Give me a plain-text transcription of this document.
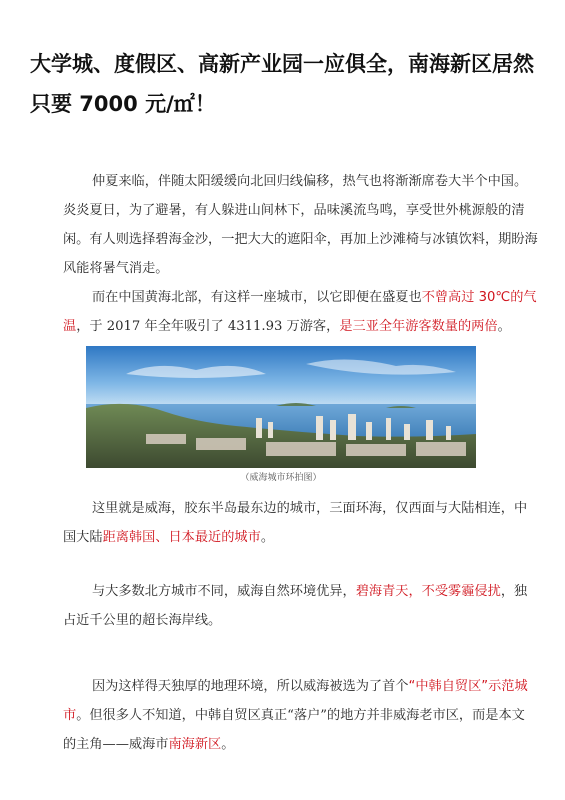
大学城、度假区、高新产业园一应俱全，南海新区居然只要 7000 元/㎡！

仲夏来临，伴随太阳缓缓向北回归线偏移，热气也将渐渐席卷大半个中国。炎炎夏日，为了避暑，有人躲进山间林下，品味溪流鸟鸣，享受世外桃源般的清闲。有人则选择碧海金沙，一把大大的遮阳伞，再加上沙滩椅与冰镇饮料，期盼海风能将暑气消走。

而在中国黄海北部，有这样一座城市，以它即便在盛夏也不曾高过 30℃的气温，于 2017 年全年吸引了 4311.93 万游客，是三亚全年游客数量的两倍。

（威海城市环拍图）

这里就是威海，胶东半岛最东边的城市，三面环海，仅西面与大陆相连，中国大陆距离韩国、日本最近的城市。

与大多数北方城市不同，威海自然环境优异，碧海青天，不受雾霾侵扰，独占近千公里的超长海岸线。

因为这样得天独厚的地理环境，所以威海被选为了首个“中韩自贸区”示范城市。但很多人不知道，中韩自贸区真正“落户”的地方并非威海老市区，而是本文的主角——威海市南海新区。
